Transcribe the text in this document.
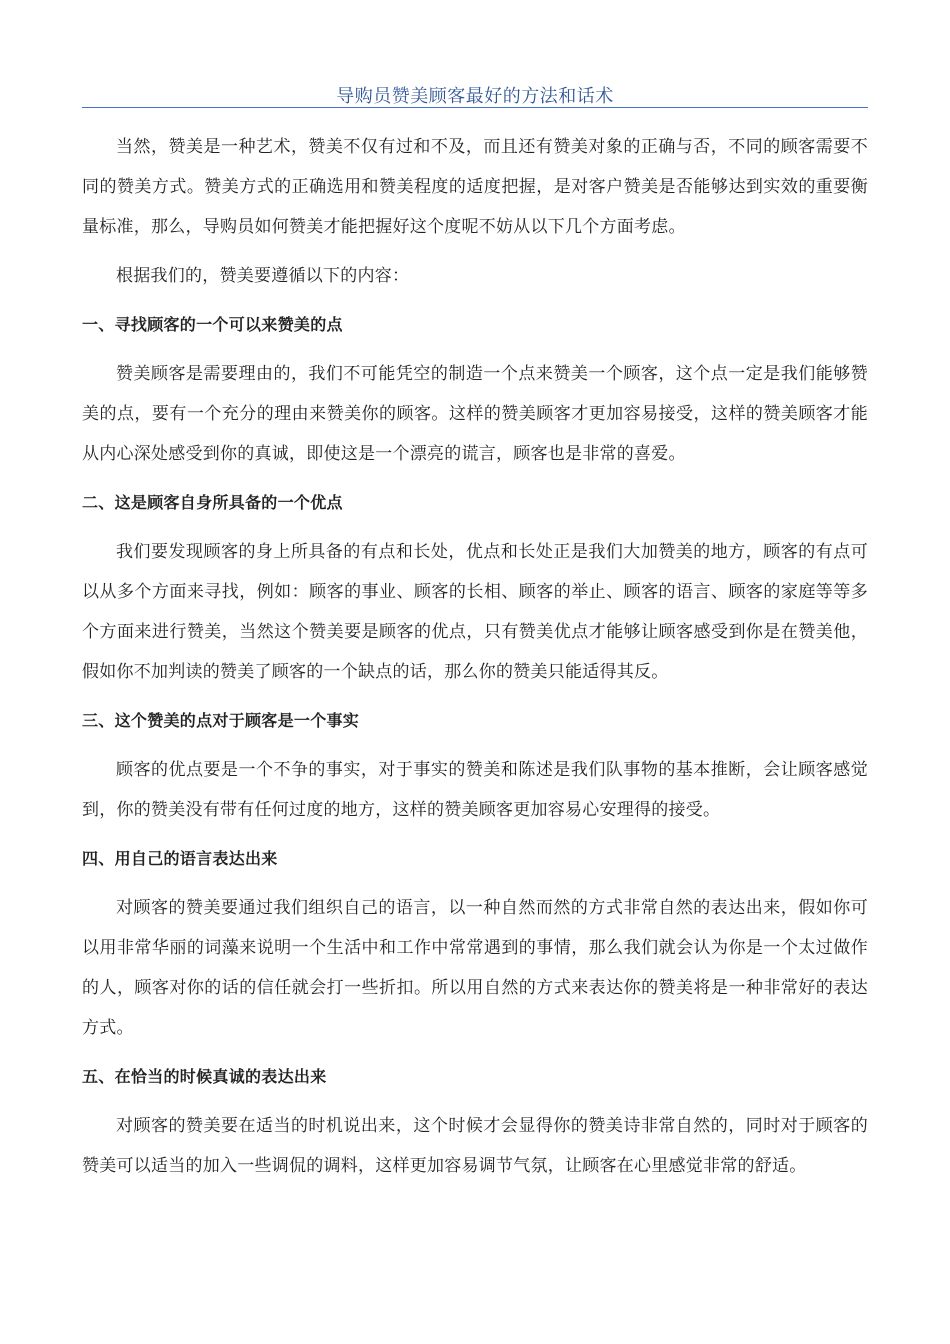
导购员赞美顾客最好的方法和话术

当然，赞美是一种艺术，赞美不仅有过和不及，而且还有赞美对象的正确与否，不同的顾客需要不同的赞美方式。赞美方式的正确选用和赞美程度的适度把握，是对客户赞美是否能够达到实效的重要衡量标准，那么，导购员如何赞美才能把握好这个度呢不妨从以下几个方面考虑。

根据我们的，赞美要遵循以下的内容：

一、寻找顾客的一个可以来赞美的点

赞美顾客是需要理由的，我们不可能凭空的制造一个点来赞美一个顾客，这个点一定是我们能够赞美的点，要有一个充分的理由来赞美你的顾客。这样的赞美顾客才更加容易接受，这样的赞美顾客才能从内心深处感受到你的真诚，即使这是一个漂亮的谎言，顾客也是非常的喜爱。

二、这是顾客自身所具备的一个优点

我们要发现顾客的身上所具备的有点和长处，优点和长处正是我们大加赞美的地方，顾客的有点可以从多个方面来寻找，例如：顾客的事业、顾客的长相、顾客的举止、顾客的语言、顾客的家庭等等多个方面来进行赞美，当然这个赞美要是顾客的优点，只有赞美优点才能够让顾客感受到你是在赞美他，假如你不加判读的赞美了顾客的一个缺点的话，那么你的赞美只能适得其反。

三、这个赞美的点对于顾客是一个事实

顾客的优点要是一个不争的事实，对于事实的赞美和陈述是我们队事物的基本推断，会让顾客感觉到，你的赞美没有带有任何过度的地方，这样的赞美顾客更加容易心安理得的接受。

四、用自己的语言表达出来

对顾客的赞美要通过我们组织自己的语言，以一种自然而然的方式非常自然的表达出来，假如你可以用非常华丽的词藻来说明一个生活中和工作中常常遇到的事情，那么我们就会认为你是一个太过做作的人，顾客对你的话的信任就会打一些折扣。所以用自然的方式来表达你的赞美将是一种非常好的表达方式。

五、在恰当的时候真诚的表达出来

对顾客的赞美要在适当的时机说出来，这个时候才会显得你的赞美诗非常自然的，同时对于顾客的赞美可以适当的加入一些调侃的调料，这样更加容易调节气氛，让顾客在心里感觉非常的舒适。
